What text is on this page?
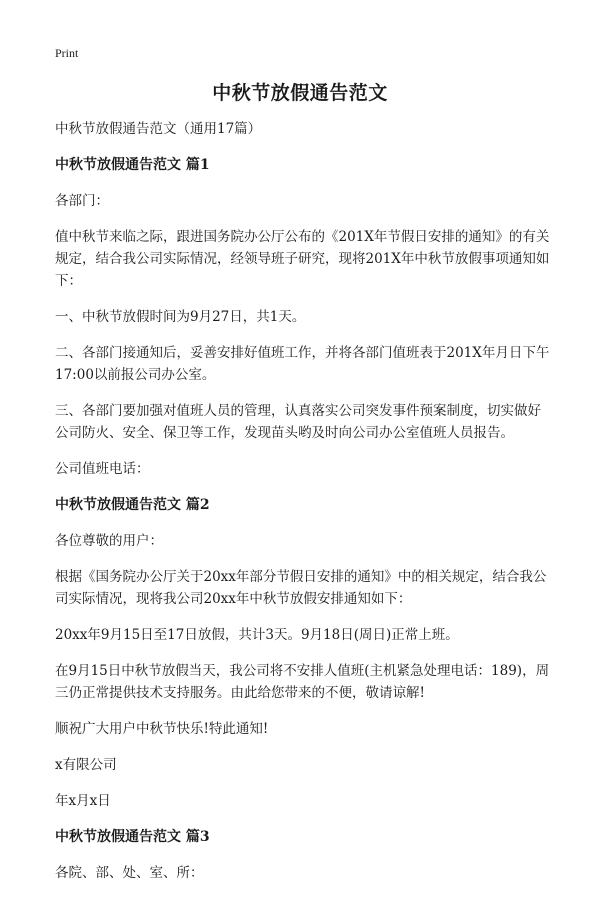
Print
中秋节放假通告范文

中秋节放假通告范文（通用17篇）

中秋节放假通告范文 篇1

各部门：

值中秋节来临之际，跟进国务院办公厅公布的《201X年节假日安排的通知》的有关规定，结合我公司实际情况，经领导班子研究，现将201X年中秋节放假事项通知如下：

一、中秋节放假时间为9月27日，共1天。

二、各部门接通知后，妥善安排好值班工作，并将各部门值班表于201X年月日下午17:00以前报公司办公室。

三、各部门要加强对值班人员的管理，认真落实公司突发事件预案制度，切实做好公司防火、安全、保卫等工作，发现苗头哟及时向公司办公室值班人员报告。

公司值班电话：

中秋节放假通告范文 篇2

各位尊敬的用户：

根据《国务院办公厅关于20xx年部分节假日安排的通知》中的相关规定，结合我公司实际情况，现将我公司20xx年中秋节放假安排通知如下：

20xx年9月15日至17日放假，共计3天。9月18日(周日)正常上班。

在9月15日中秋节放假当天，我公司将不安排人值班(主机紧急处理电话：189)，周三仍正常提供技术支持服务。由此给您带来的不便，敬请谅解!

顺祝广大用户中秋节快乐!特此通知!

x有限公司

年x月x日

中秋节放假通告范文 篇3

各院、部、处、室、所：
